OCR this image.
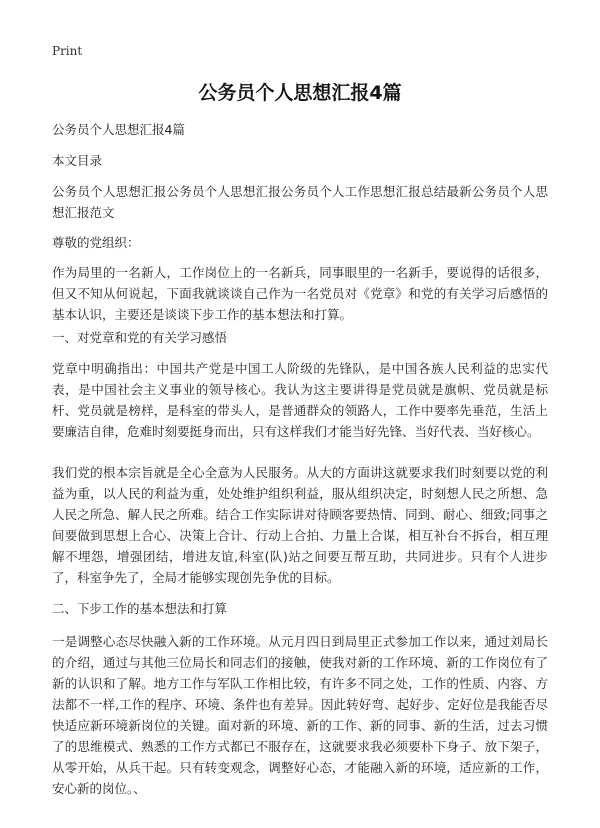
Print
公务员个人思想汇报4篇
公务员个人思想汇报4篇
本文目录
公务员个人思想汇报公务员个人思想汇报公务员个人工作思想汇报总结最新公务员个人思想汇报范文
尊敬的党组织：
作为局里的一名新人，工作岗位上的一名新兵，同事眼里的一名新手，要说得的话很多，但又不知从何说起，下面我就谈谈自己作为一名党员对《党章》和党的有关学习后感悟的基本认识，主要还是谈谈下步工作的基本想法和打算。
一、对党章和党的有关学习感悟
党章中明确指出：中国共产党是中国工人阶级的先锋队，是中国各族人民利益的忠实代表，是中国社会主义事业的领导核心。我认为这主要讲得是党员就是旗帜、党员就是标杆、党员就是榜样，是科室的带头人，是普通群众的领路人，工作中要率先垂范，生活上要廉洁自律，危难时刻要挺身而出，只有这样我们才能当好先锋、当好代表、当好核心。
我们党的根本宗旨就是全心全意为人民服务。从大的方面讲这就要求我们时刻要以党的利益为重，以人民的利益为重，处处维护组织利益，服从组织决定，时刻想人民之所想、急人民之所急、解人民之所难。结合工作实际讲对待顾客要热情、同到、耐心、细致;同事之间要做到思想上合心、决策上合计、行动上合拍、力量上合谋，相互补台不拆台，相互理解不埋怨，增强团结，增进友谊,科室(队)站之间要互帮互助，共同进步。只有个人进步了，科室争先了，全局才能够实现创先争优的目标。
二、下步工作的基本想法和打算
一是调整心态尽快融入新的工作环境。从元月四日到局里正式参加工作以来，通过刘局长的介绍，通过与其他三位局长和同志们的接触，使我对新的工作环境、新的工作岗位有了新的认识和了解。地方工作与军队工作相比较，有许多不同之处，工作的性质、内容、方法都不一样,工作的程序、环境、条件也有差异。因此转好弯、起好步、定好位是我能否尽快适应新环境新岗位的关键。面对新的环境、新的工作、新的同事、新的生活，过去习惯了的思维模式、熟悉的工作方式都已不服存在，这就要求我必须要朴下身子、放下架子，从零开始，从兵干起。只有转变观念，调整好心态，才能融入新的环境，适应新的工作，安心新的岗位。、
